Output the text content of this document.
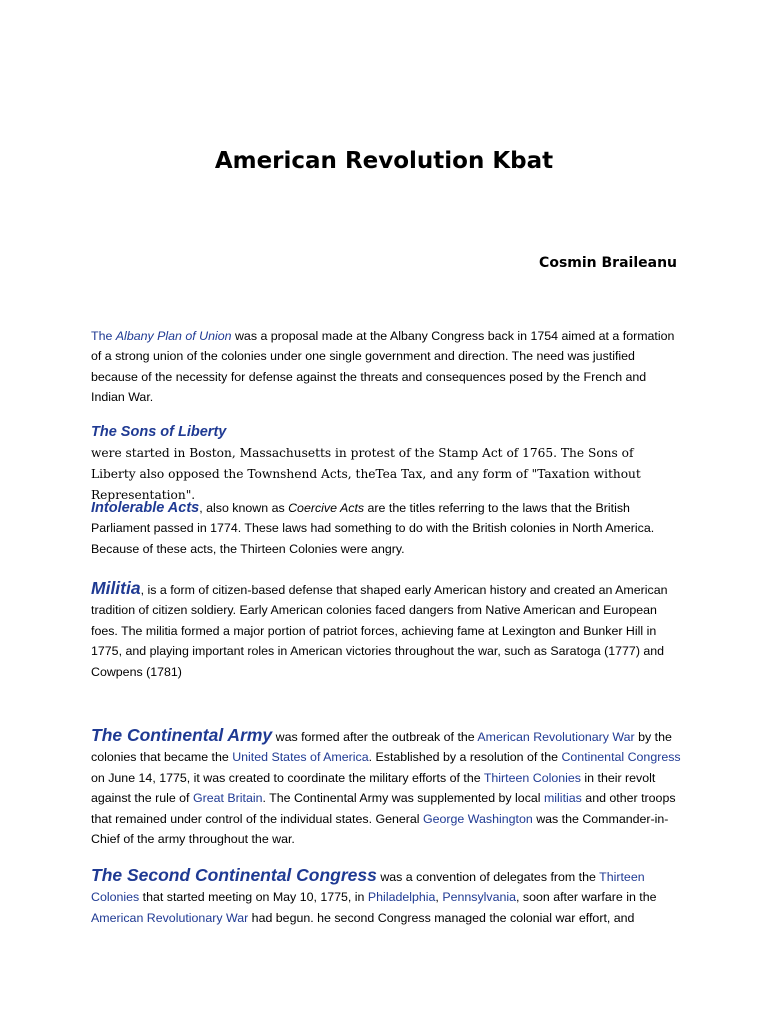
American Revolution Kbat
Cosmin Braileanu
The Albany Plan of Union was a proposal made at the Albany Congress back in 1754 aimed at a formation of a strong union of the colonies under one single government and direction. The need was justified because of the necessity for defense against the threats and consequences posed by the French and Indian War.
The Sons of Liberty
were started in Boston, Massachusetts in protest of the Stamp Act of 1765. The Sons of Liberty also opposed the Townshend Acts, theTea Tax, and any form of "Taxation without Representation".
Intolerable Acts, also known as Coercive Acts are the titles referring to the laws that the British Parliament passed in 1774. These laws had something to do with the British colonies in North America. Because of these acts, the Thirteen Colonies were angry.
Militia, is a form of citizen-based defense that shaped early American history and created an American tradition of citizen soldiery. Early American colonies faced dangers from Native American and European foes. The militia formed a major portion of patriot forces, achieving fame at Lexington and Bunker Hill in 1775, and playing important roles in American victories throughout the war, such as Saratoga (1777) and Cowpens (1781)
The Continental Army was formed after the outbreak of the American Revolutionary War by the colonies that became the United States of America. Established by a resolution of the Continental Congress on June 14, 1775, it was created to coordinate the military efforts of the Thirteen Colonies in their revolt against the rule of Great Britain. The Continental Army was supplemented by local militias and other troops that remained under control of the individual states. General George Washington was the Commander-in-Chief of the army throughout the war.
The Second Continental Congress was a convention of delegates from the Thirteen Colonies that started meeting on May 10, 1775, in Philadelphia, Pennsylvania, soon after warfare in the American Revolutionary War had begun. he second Congress managed the colonial war effort, and
